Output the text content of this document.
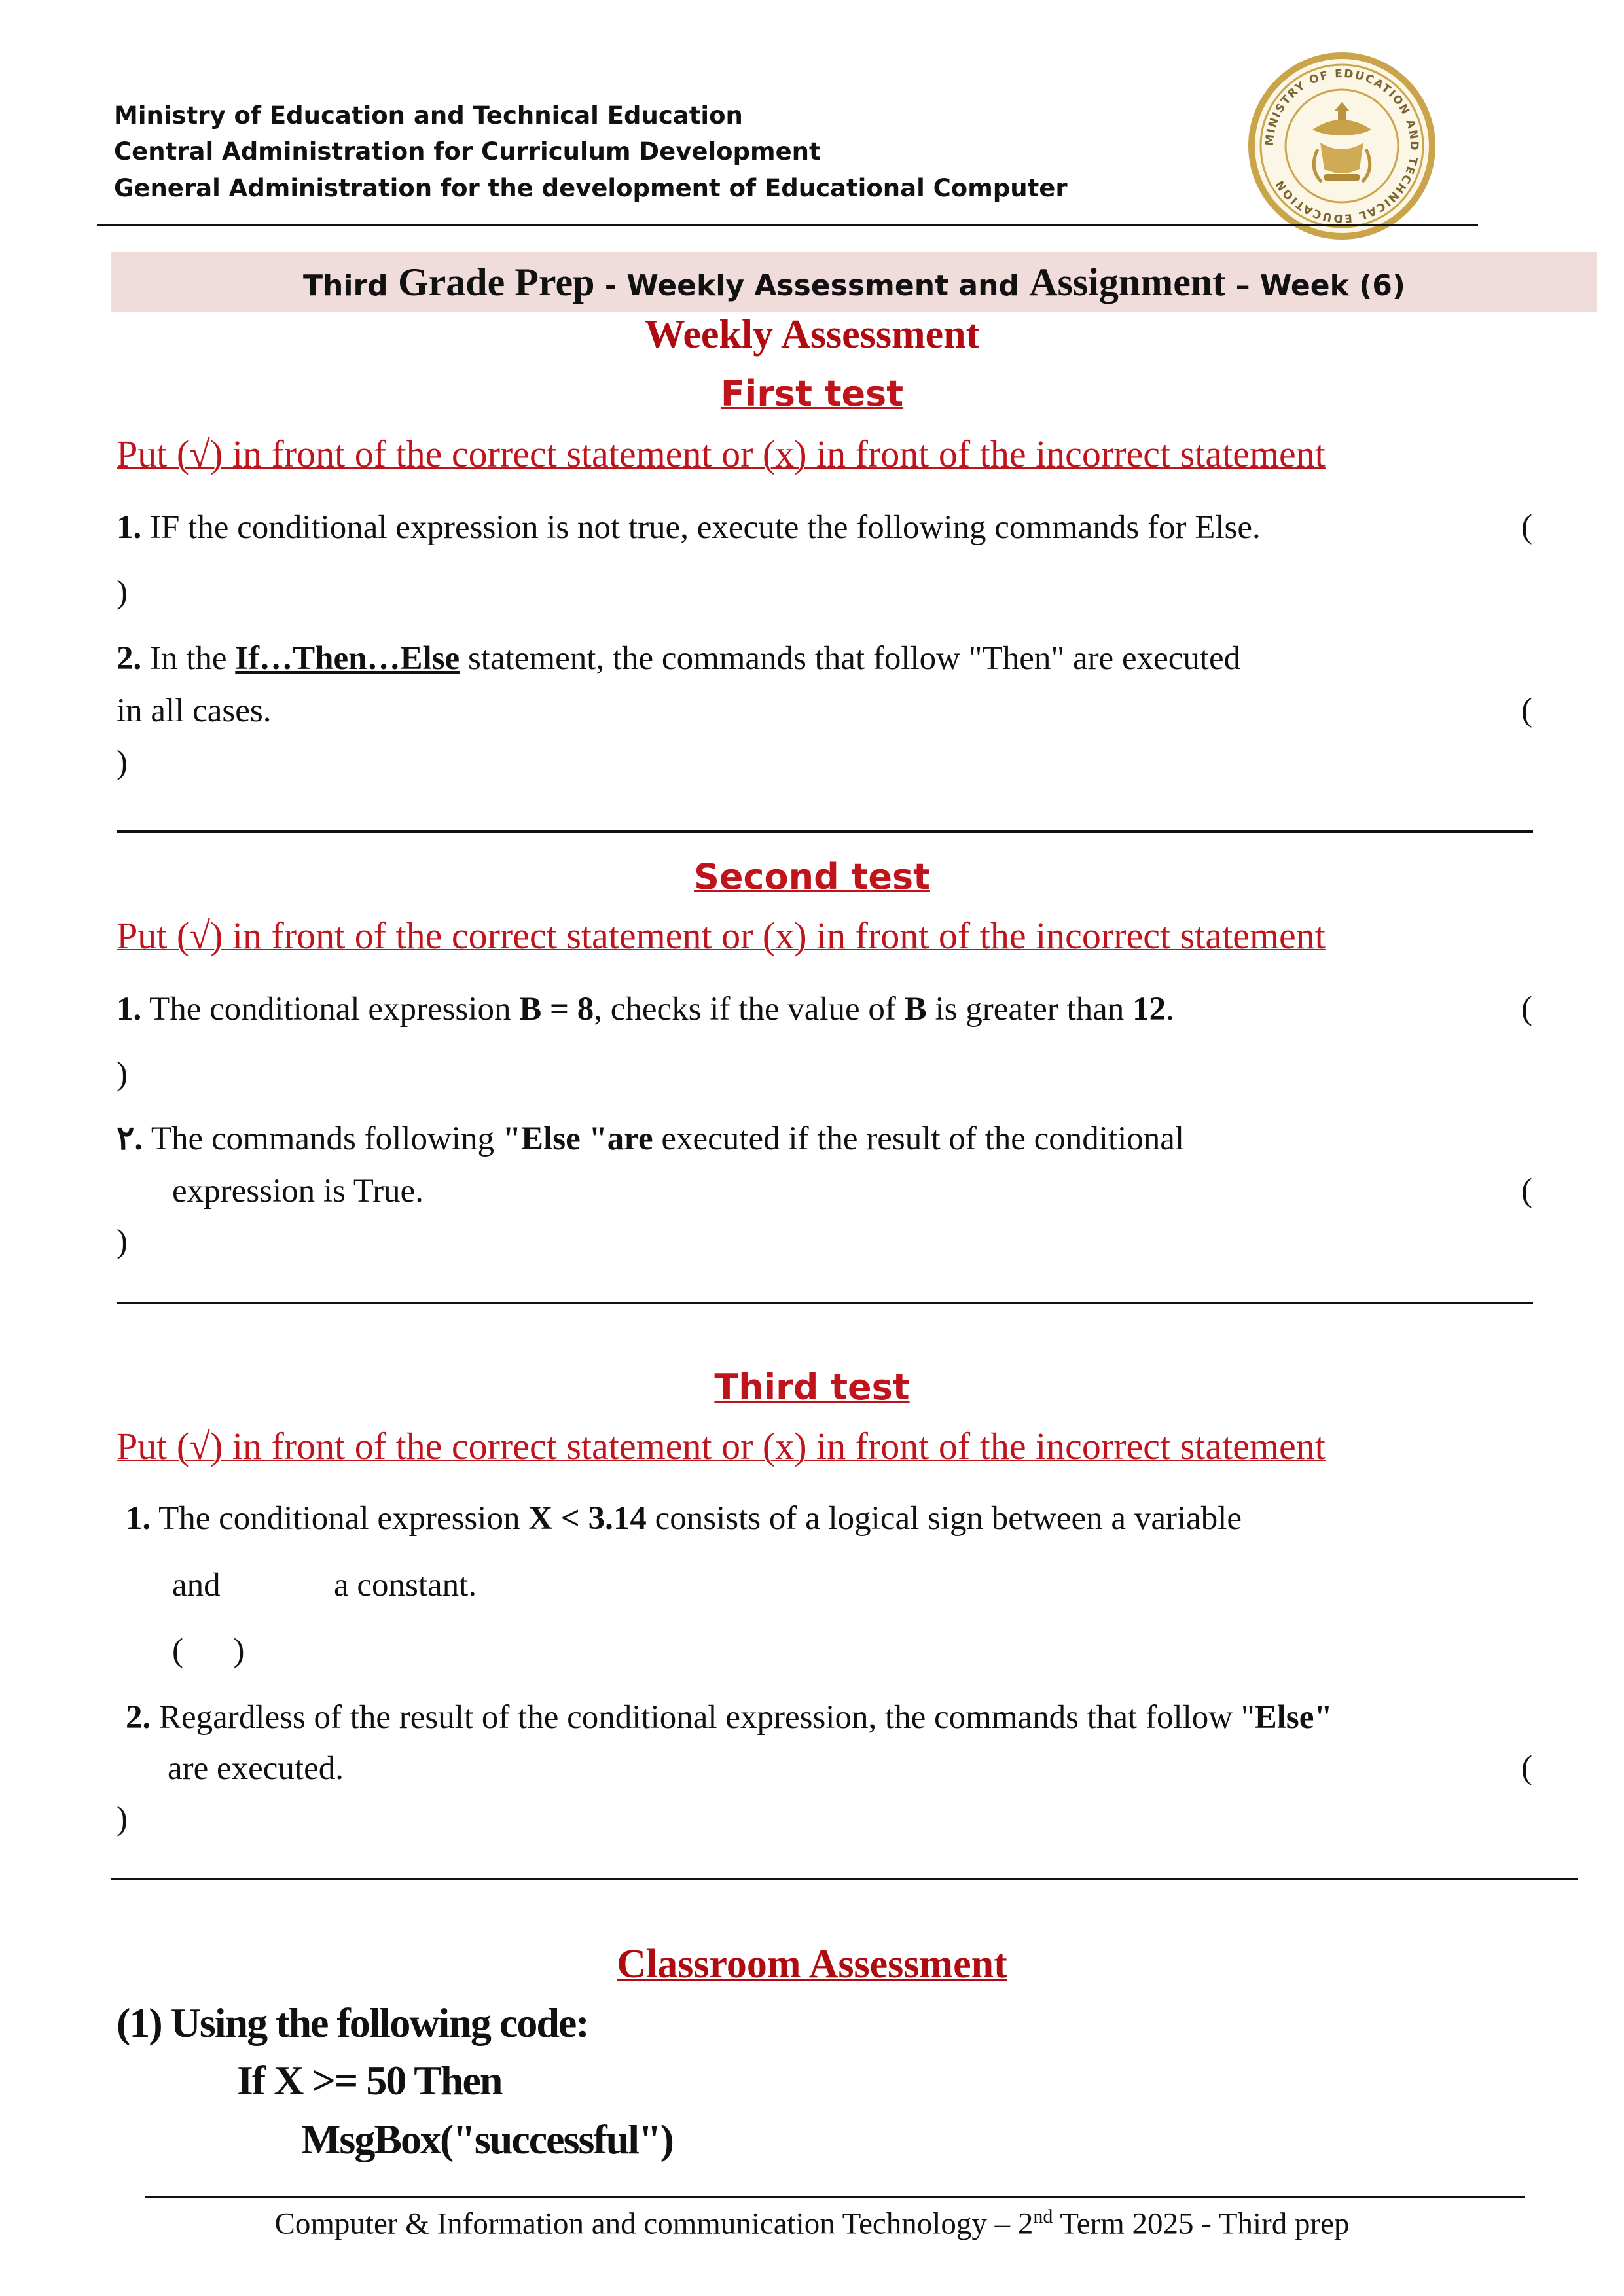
Ministry of Education and Technical Education
Central Administration for Curriculum Development
General Administration for the development of Educational Computer
MINISTRY OF EDUCATION AND TECHNICAL EDUCATION
Third Grade Prep - Weekly Assessment and Assignment – Week (6)
Weekly Assessment
First test
Put (√) in front of the correct statement or (x) in front of the incorrect statement
1. IF the conditional expression is not true, execute the following commands for Else.	(
)
2. In the If…Then…Else statement, the commands that follow "Then" are executed
in all cases.	(
)
Second test
Put (√) in front of the correct statement or (x) in front of the incorrect statement
1. The conditional expression B = 8, checks if the value of B is greater than 12.	(
)
٢. The commands following "Else "are executed if the result of the conditional
expression is True.	(
)
Third test
Put (√) in front of the correct statement or (x) in front of the incorrect statement
1. The conditional expression X < 3.14 consists of a logical sign between a variable
and	a constant.
(      )
2. Regardless of the result of the conditional expression, the commands that follow "Else"
are executed.	(
)
Classroom Assessment
(1) Using the following code:
If X >= 50 Then
MsgBox("successful")
Computer & Information and communication Technology – 2nd Term 2025 - Third prep
